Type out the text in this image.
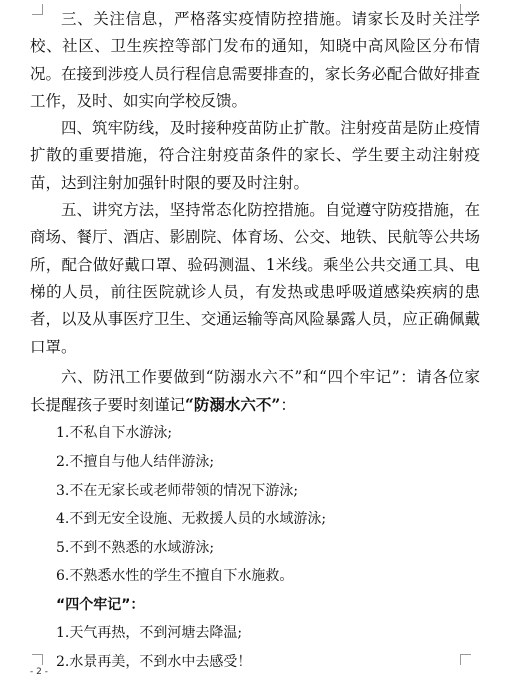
三、关注信息，严格落实疫情防控措施。请家长及时关注学校、社区、卫生疾控等部门发布的通知，知晓中高风险区分布情况。在接到涉疫人员行程信息需要排查的，家长务必配合做好排查工作，及时、如实向学校反馈。

四、筑牢防线，及时接种疫苗防止扩散。注射疫苗是防止疫情扩散的重要措施，符合注射疫苗条件的家长、学生要主动注射疫苗，达到注射加强针时限的要及时注射。

五、讲究方法，坚持常态化防控措施。自觉遵守防疫措施，在商场、餐厅、酒店、影剧院、体育场、公交、地铁、民航等公共场所，配合做好戴口罩、验码测温、1米线。乘坐公共交通工具、电梯的人员，前往医院就诊人员，有发热或患呼吸道感染疾病的患者，以及从事医疗卫生、交通运输等高风险暴露人员，应正确佩戴口罩。

六、防汛工作要做到“防溺水六不”和“四个牢记”：请各位家长提醒孩子要时刻谨记“防溺水六不”：

1.不私自下水游泳;

2.不擅自与他人结伴游泳;

3.不在无家长或老师带领的情况下游泳;

4.不到无安全设施、无救援人员的水域游泳;

5.不到不熟悉的水域游泳;

6.不熟悉水性的学生不擅自下水施救。

“四个牢记”：

1.天气再热，不到河塘去降温;

2.水景再美，不到水中去感受！

- 2 -
